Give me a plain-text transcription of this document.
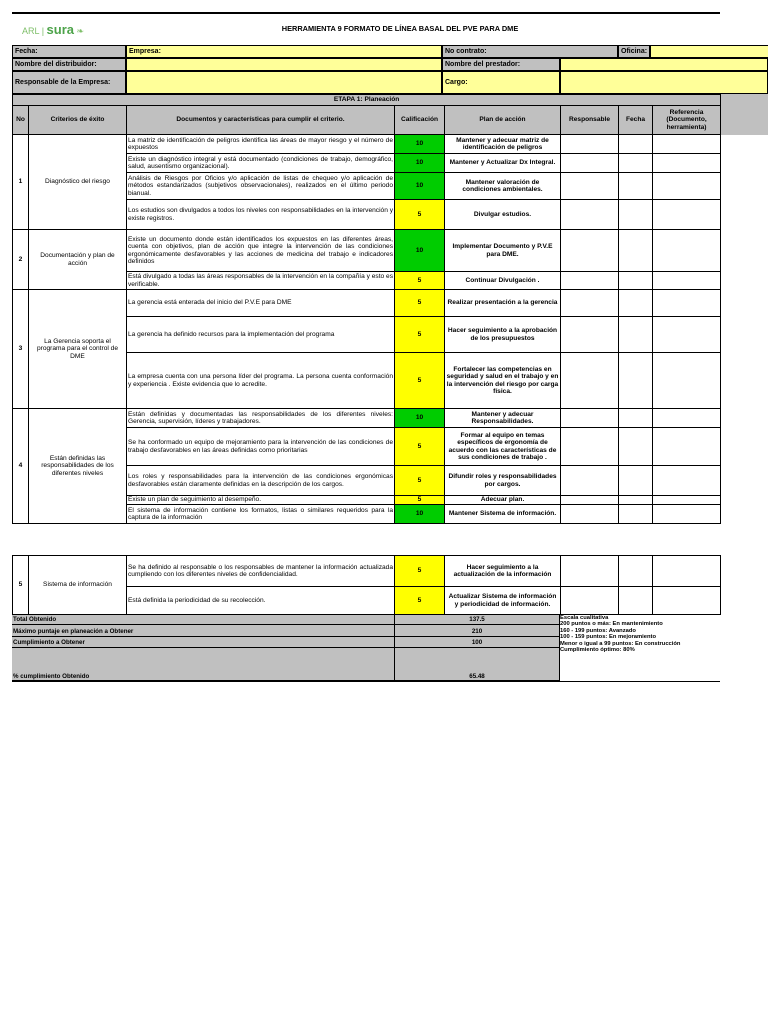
ARL | sura ❧	HERRAMIENTA 9 FORMATO DE LÍNEA BASAL DEL PVE PARA DME
Fecha:	Empresa:	No contrato:	Oficina:
Nombre del distribuidor:	Nombre del prestador:
Responsable de la Empresa:	Cargo:
ETAPA 1: Planeación							
No	Criterios de éxito	Documentos y características para cumplir el criterio.	Calificación	Plan de acción	Responsable	Fecha	Referencia (Documento, herramienta)
1	Diagnóstico del riesgo	La matriz de identificación de peligros identifica las áreas de mayor riesgo y el número de expuestos	10	Mantener y adecuar matriz de identificación de peligros			
		Existe un diagnóstico integral y está documentado (condiciones de trabajo, demográfico, salud, ausentismo organizacional).	10	Mantener y Actualizar Dx Integral.			
		Análisis de Riesgos por Oficios y/o aplicación de listas de chequeo y/o aplicación de métodos estandarizados (subjetivos observacionales), realizados en el último periodo bianual.	10	Mantener valoración de condiciones ambientales.			
		Los estudios son divulgados a todos los niveles con responsabilidades en la intervención y existe registros.	5	Divulgar estudios.			
2	Documentación y plan de acción	Existe un documento donde están identificados los expuestos en las diferentes áreas, cuenta con objetivos, plan de acción que integre la intervención de las condiciones ergonómicamente desfavorables y las acciones de medicina del trabajo e indicadores definidos	10	Implementar Documento y P.V.E para DME.			
		Está divulgado a todas las áreas responsables de la intervención en la compañía y esto es verificable.	5	Continuar Divulgación .			
3	La Gerencia soporta el programa para el control de DME	La gerencia está enterada del inicio del P.V.E para DME	5	Realizar presentación a la gerencia			
		La gerencia ha definido recursos para la implementación del programa	5	Hacer seguimiento a la aprobación de los presupuestos			
		La empresa cuenta con una persona líder del programa. La persona cuenta conformación y experiencia . Existe evidencia que lo acredite.	5	Fortalecer las competencias en seguridad y salud en el trabajo y en la intervención del riesgo por carga física.			
4	Están definidas las responsabilidades de los diferentes niveles	Están definidas y documentadas las responsabilidades de los diferentes niveles: Gerencia, supervisión, líderes y trabajadores.	10	Mantener y adecuar Responsabilidades.			
		Se ha conformado un equipo de mejoramiento para la intervención de las condiciones de trabajo desfavorables en las áreas definidas como prioritarias	5	Formar al equipo en temas específicos de ergonomía de acuerdo con las características de sus condiciones de trabajo .			
		Los roles y responsabilidades para la intervención de las condiciones ergonómicas desfavorables están claramente definidas en la descripción de los cargos.	5	Difundir roles y responsabilidades por cargos.			
		Existe un plan de seguimiento al desempeño.	5	Adecuar plan.			
		El sistema de información contiene los formatos, listas o similares requeridos para la captura de la información	10	Mantener Sistema de información.			
5	Sistema de información	Se ha definido al responsable o los responsables de mantener la información actualizada cumpliendo con los diferentes niveles de confidencialidad.	5	Hacer seguimiento a la actualización de la información			
		Está definida la periodicidad de su recolección.	5	Actualizar Sistema de información y periodicidad de información.			
Total Obtenido	137.5
Máximo puntaje en planeación a Obtener	210
Cumplimiento a Obtener	100
% cumplimiento Obtenido	65.48
Escala cualitativa
200 puntos o más: En mantenimiento
160 - 199 puntos: Avanzado
100 - 159 puntos: En mejoramiento
Menor o igual a 99 puntos: En construcción
Cumplimiento óptimo: 80%
